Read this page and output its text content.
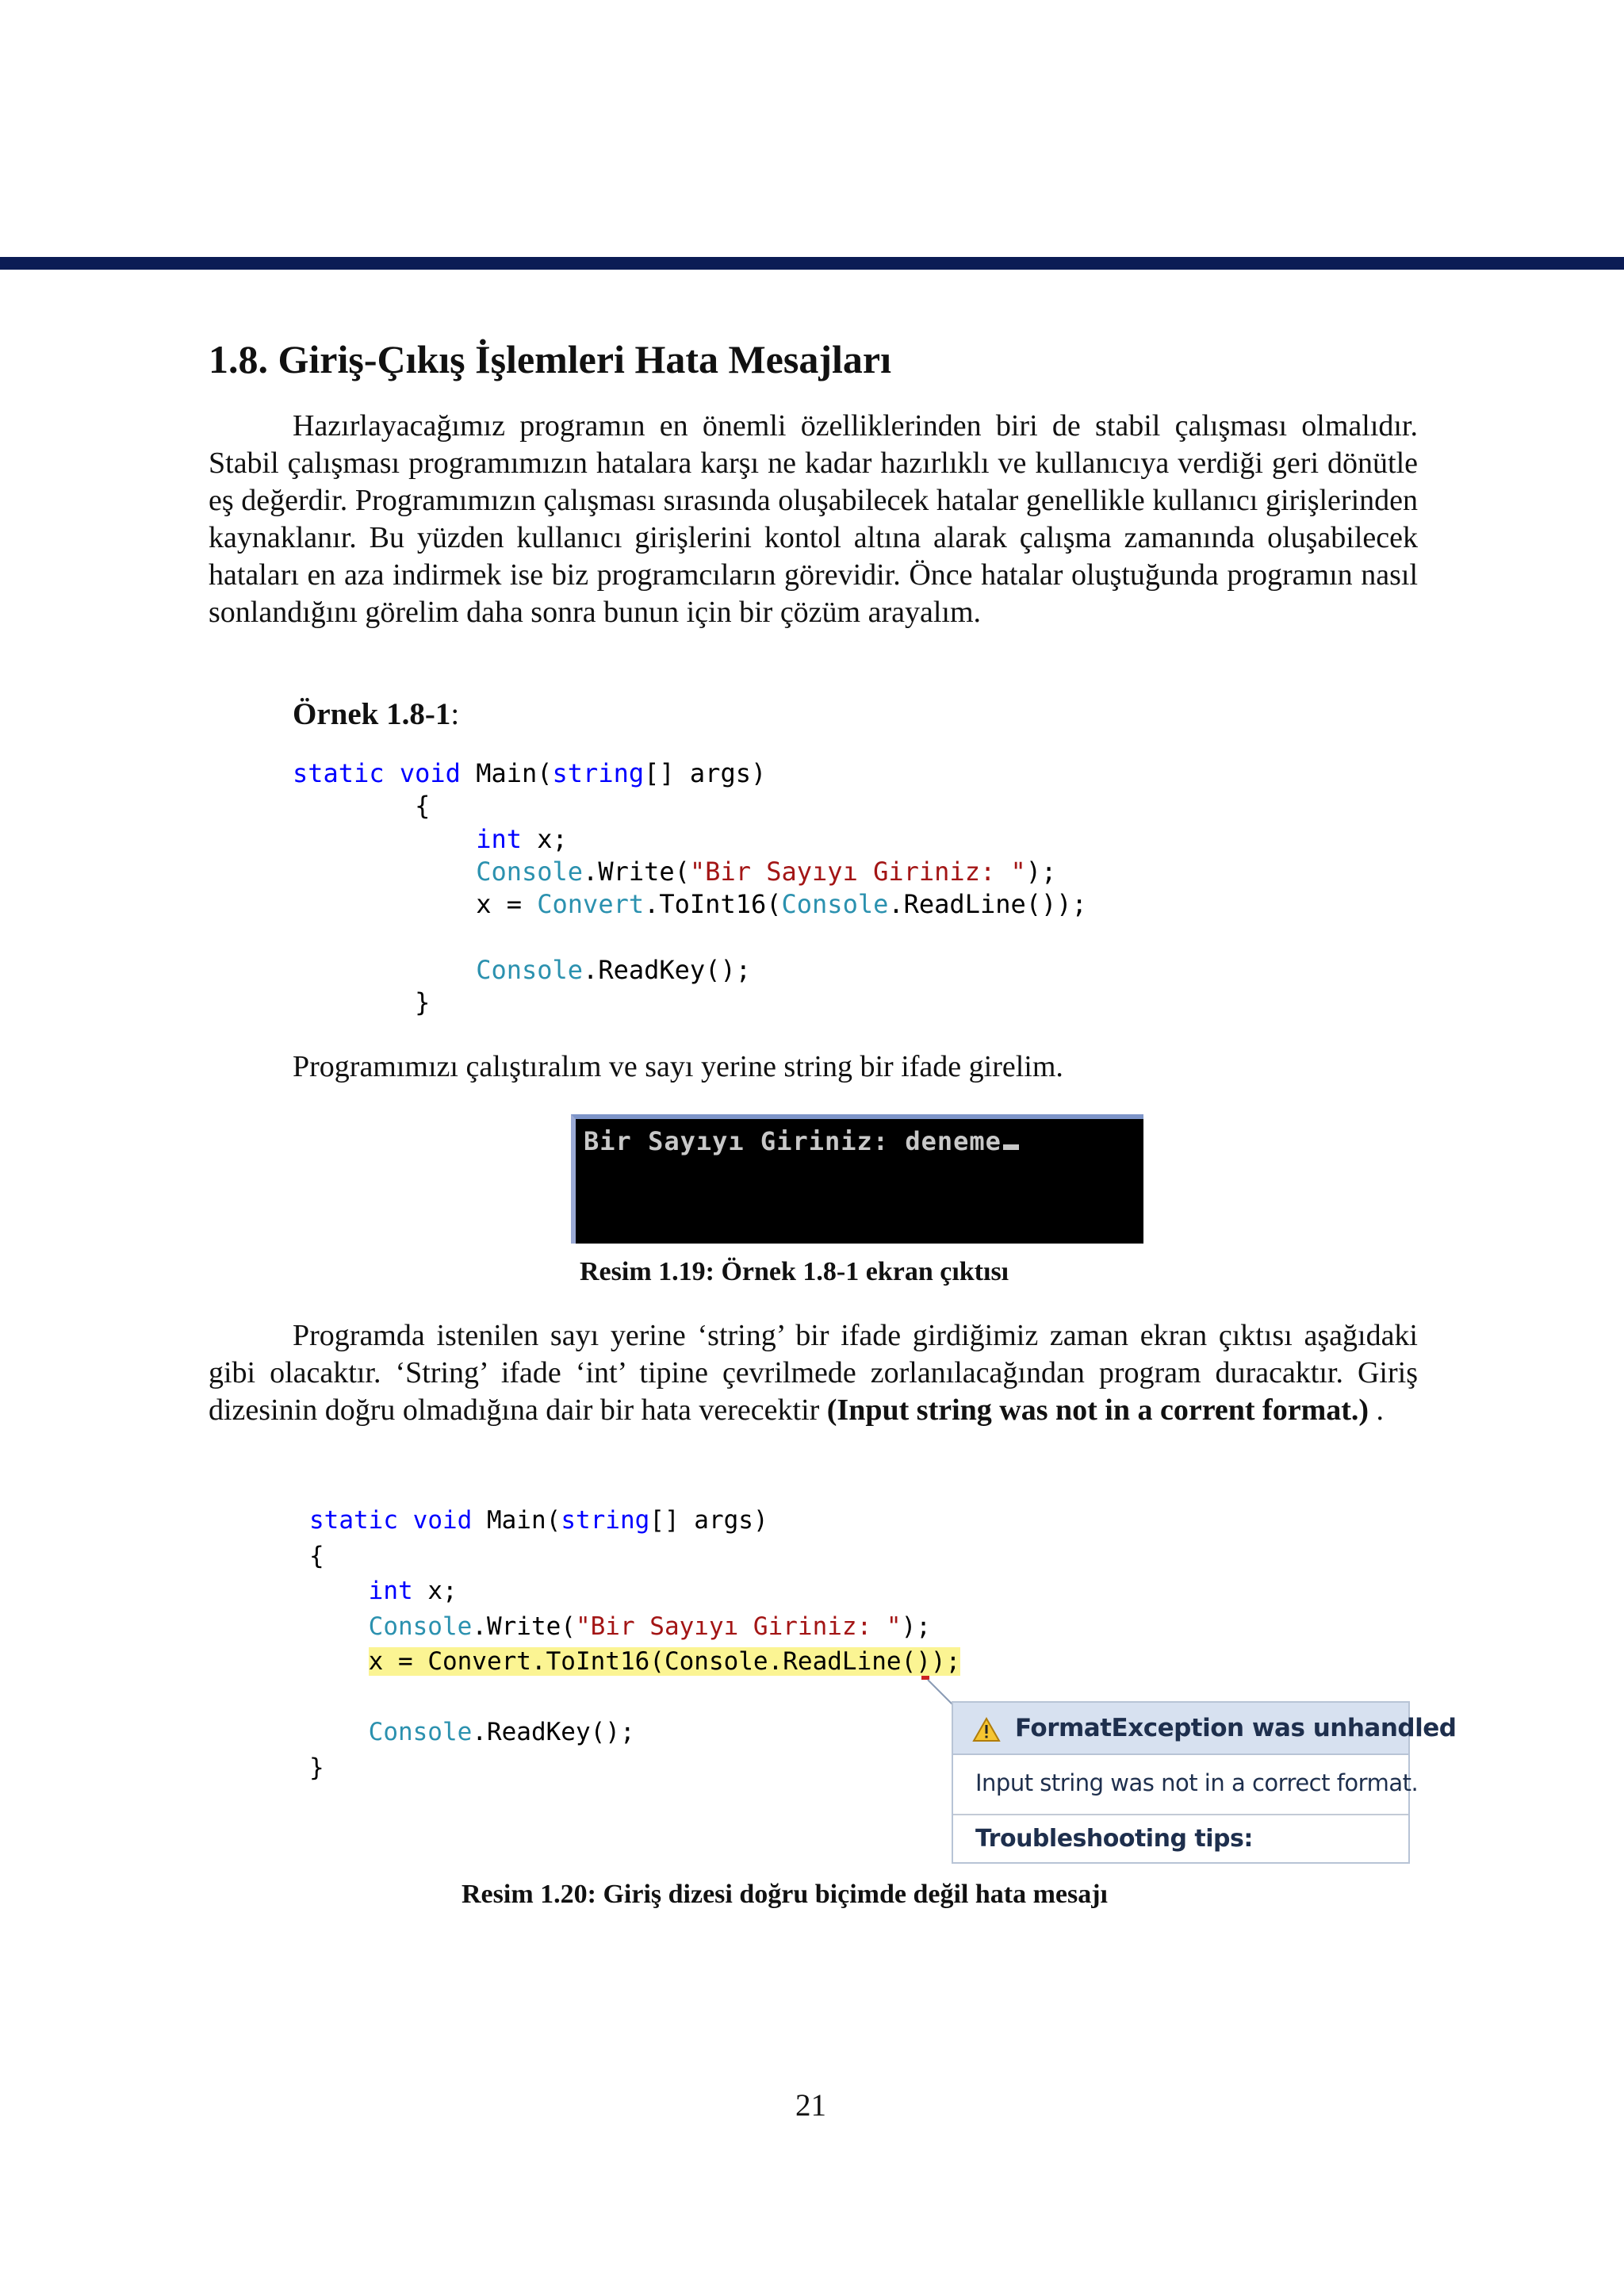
1.8. Giriş-Çıkış İşlemleri Hata Mesajları

Hazırlayacağımız programın en önemli özelliklerinden biri de stabil çalışması olmalıdır. Stabil çalışması programımızın hatalara karşı ne kadar hazırlıklı ve kullanıcıya verdiği geri dönütle eş değerdir. Programımızın çalışması sırasında oluşabilecek hatalar genellikle kullanıcı girişlerinden kaynaklanır. Bu yüzden kullanıcı girişlerini kontol altına alarak çalışma zamanında oluşabilecek hataları en aza indirmek ise biz programcıların görevidir. Önce hatalar oluştuğunda programın nasıl sonlandığını görelim daha sonra bunun için bir çözüm arayalım.

Örnek 1.8-1:
static void Main(string[] args)
{
int x;
Console.Write("Bir Sayıyı Giriniz: ");
x = Convert.ToInt16(Console.ReadLine());

Console.ReadKey();
}

Programımızı çalıştıralım ve sayı yerine string bir ifade girelim.

Bir Sayıyı Giriniz: deneme

Resim 1.19: Örnek 1.8-1 ekran çıktısı

Programda istenilen sayı yerine ‘string’ bir ifade girdiğimiz zaman ekran çıktısı aşağıdaki gibi olacaktır. ‘String’ ifade ‘int’ tipine çevrilmede zorlanılacağından program duracaktır. Giriş dizesinin doğru olmadığına dair bir hata verecektir (Input string was not in a corrent format.) .

static void Main(string[] args)
{
int x;
Console.Write("Bir Sayıyı Giriniz: ");
x = Convert.ToInt16(Console.ReadLine());

Console.ReadKey();
}
FormatException was unhandled
Input string was not in a correct format.
Troubleshooting tips:

Resim 1.20: Giriş dizesi doğru biçimde değil hata mesajı

21
